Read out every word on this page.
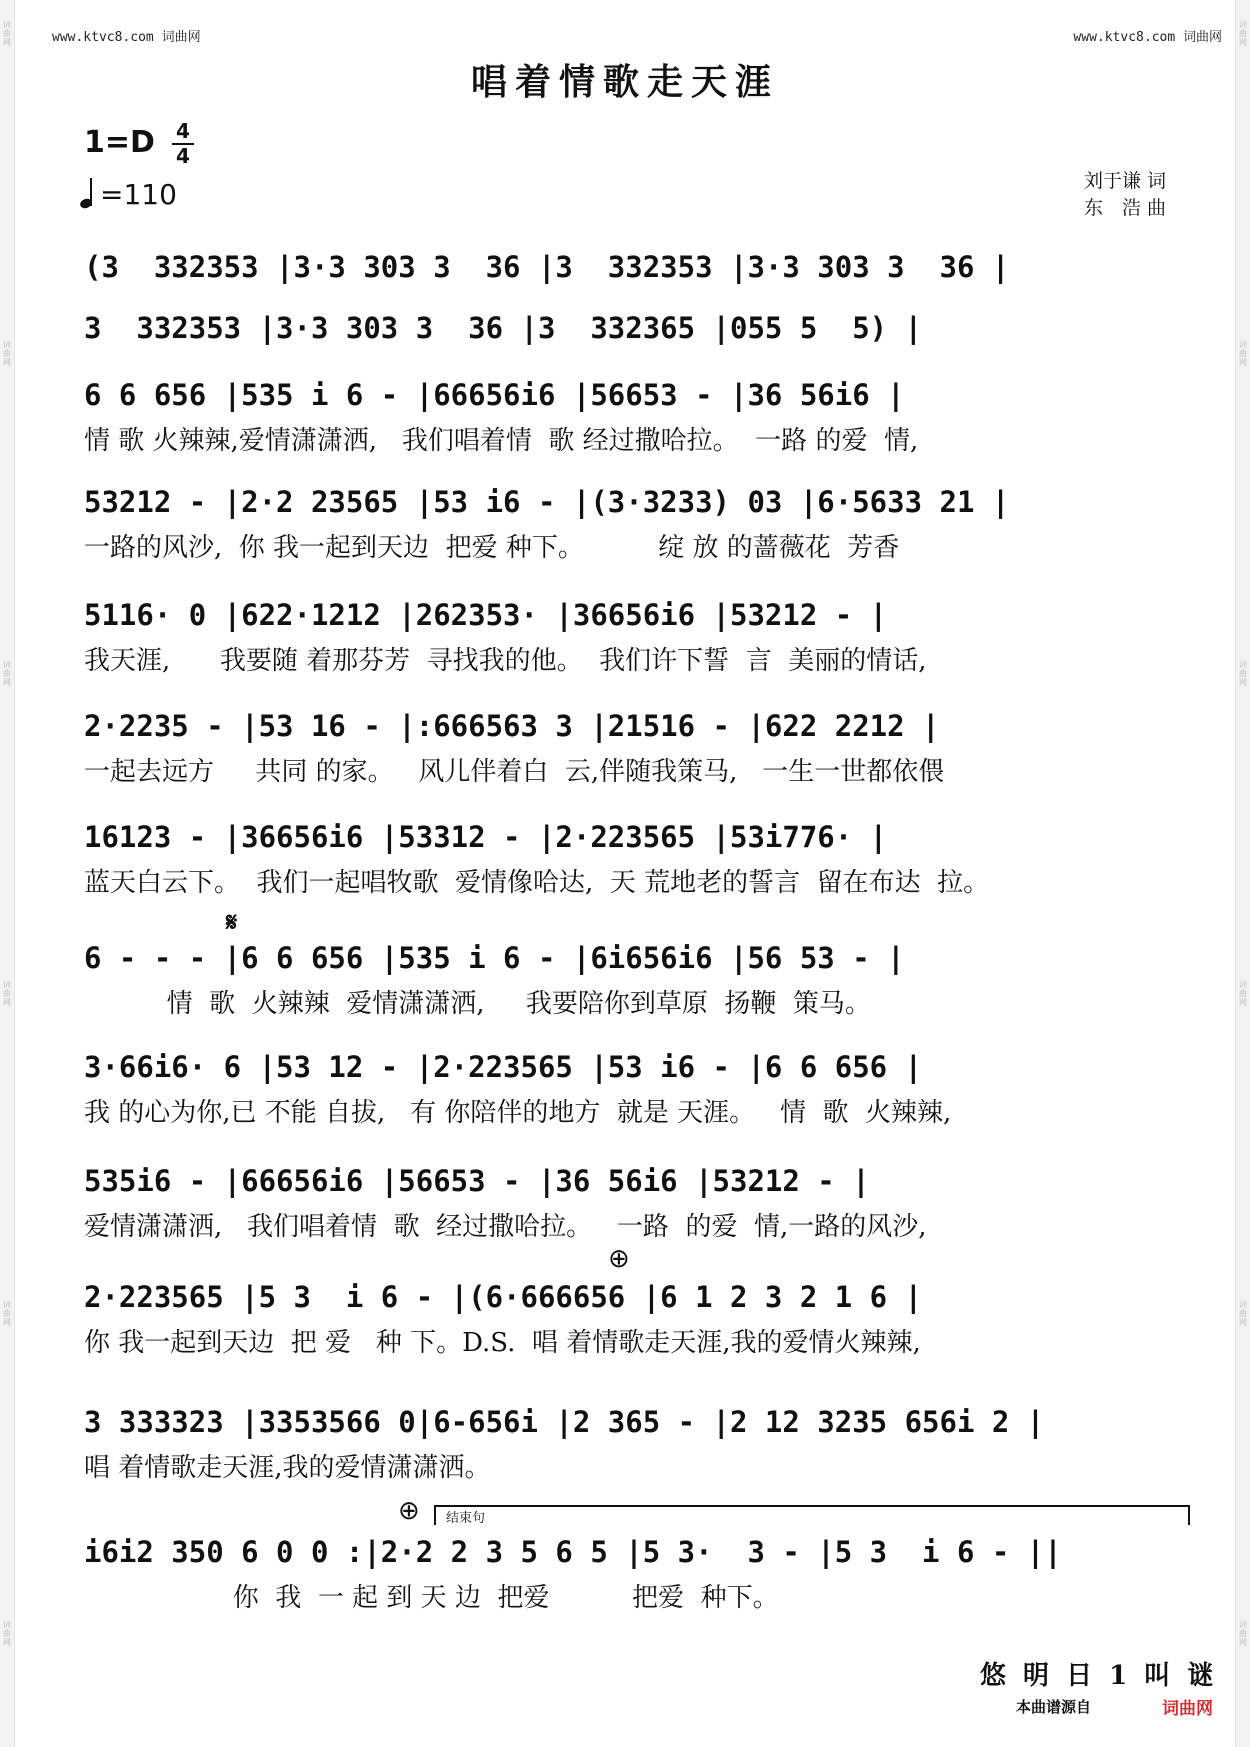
词曲网
词曲网
词曲网
词曲网
词曲网
词曲网
词曲网
词曲网
词曲网
词曲网
词曲网
词曲网
www.ktvc8.com 词曲网	www.ktvc8.com 词曲网
唱着情歌走天涯
1=D 4
4
=110	刘于谦 词
东　浩 曲
(3  332353 |3·3 303 3  36 |3  332353 |3·3 303 3  36 |
3  332353 |3·3 303 3  36 |3  332365 |055 5  5) |
6 6 656 |535 i 6 - |66656i6 |56653 - |36 56i6 |
情 歌 火辣辣,爱情潇潇洒,   我们唱着情  歌 经过撒哈拉。  一路 的爱  情,
53212 - |2·2 23565 |53 i6 - |(3·3233) 03 |6·5633 21 |
一路的风沙,  你 我一起到天边  把爱 种下。         绽 放 的蔷薇花  芳香
5116· 0 |622·1212 |262353· |36656i6 |53212 - |
我天涯,      我要随 着那芬芳  寻找我的他。  我们许下誓  言  美丽的情话,
2·2235 - |53 16 - |:666563 3 |21516 - |622 2212 |
一起去远方     共同 的家。   风儿伴着白  云,伴随我策马,   一生一世都依偎
16123 - |36656i6 |53312 - |2·223565 |53i776· |
蓝天白云下。  我们一起唱牧歌  爱情像哈达,  天 荒地老的誓言  留在布达  拉。
𝄋
6 - - - |6 6 656 |535 i 6 - |6i656i6 |56 53 - |
情  歌  火辣辣  爱情潇潇洒,     我要陪你到草原  扬鞭  策马。
3·66i6· 6 |53 12 - |2·223565 |53 i6 - |6 6 656 |
我 的心为你,已 不能 自拔,   有 你陪伴的地方  就是 天涯。   情  歌  火辣辣,
535i6 - |66656i6 |56653 - |36 56i6 |53212 - |
爱情潇潇洒,   我们唱着情  歌  经过撒哈拉。   一路  的爱  情,一路的风沙,
⊕
2·223565 |5 3  i 6 - |(6·666656 |6 1 2 3 2 1 6 |
你 我一起到天边  把 爱   种 下。D.S.  唱 着情歌走天涯,我的爱情火辣辣,
3 333323 |3353566 0|6-656i |2 365 - |2 12 3235 656i 2 |
唱 着情歌走天涯,我的爱情潇潇洒。
⊕ 结束句
i6i2 350 6 0 0 :|2·2 2 3 5 6 5 |5 3·  3 - |5 3  i 6 - ||
你  我  一 起 到 天 边  把爱          把爱  种下。
悠 明 日 1 叫 谜
本曲谱源自	词曲网
